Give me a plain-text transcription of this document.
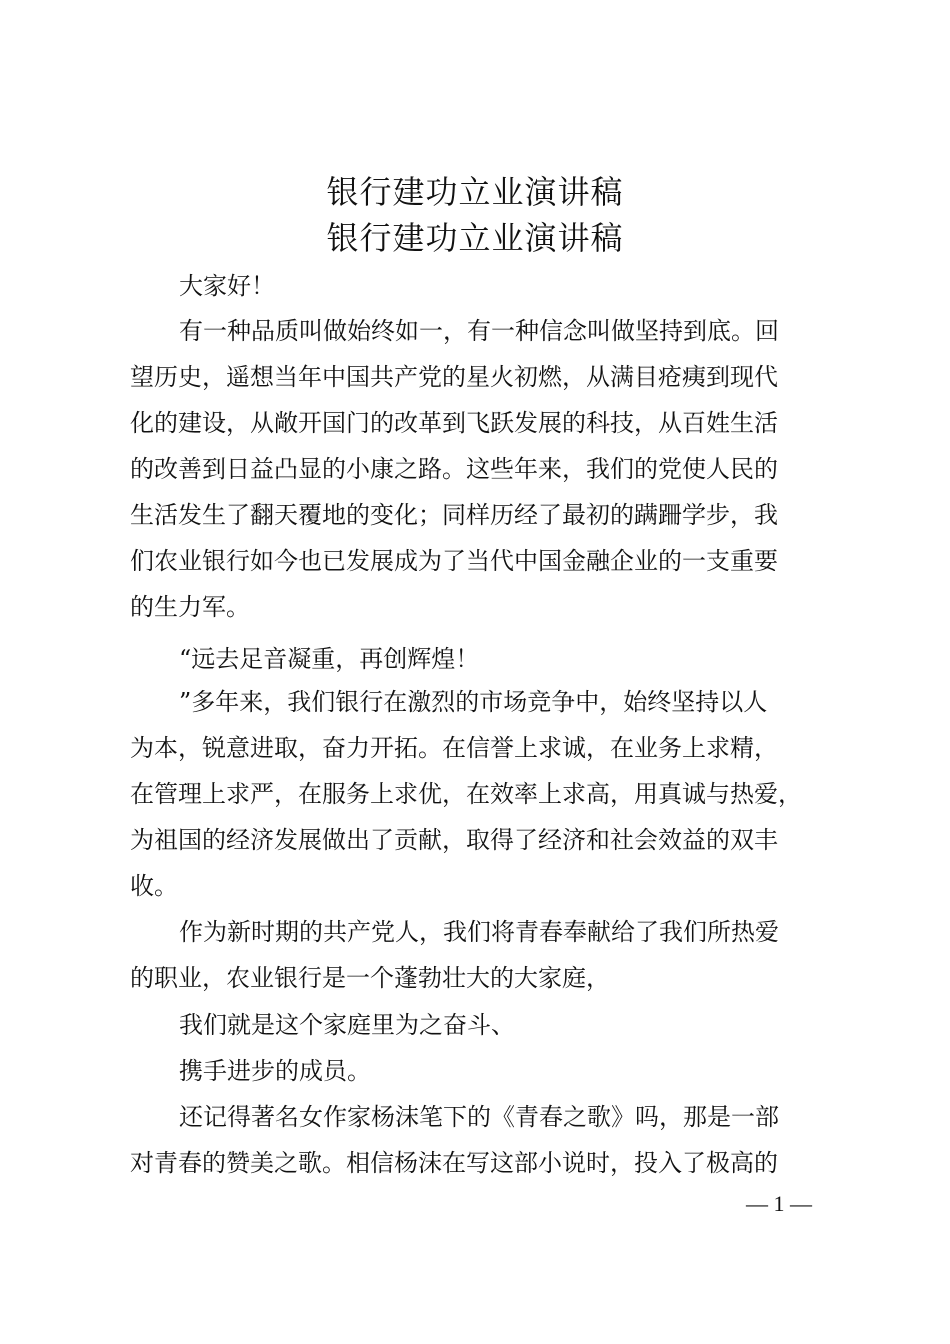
银行建功立业演讲稿
银行建功立业演讲稿
大家好！
有一种品质叫做始终如一，有一种信念叫做坚持到底。回
望历史，遥想当年中国共产党的星火初燃，从满目疮痍到现代
化的建设，从敞开国门的改革到飞跃发展的科技，从百姓生活
的改善到日益凸显的小康之路。这些年来，我们的党使人民的
生活发生了翻天覆地的变化；同样历经了最初的蹒跚学步，我
们农业银行如今也已发展成为了当代中国金融企业的一支重要
的生力军。
“远去足音凝重，再创辉煌！
”多年来，我们银行在激烈的市场竞争中，始终坚持以人
为本，锐意进取，奋力开拓。在信誉上求诚，在业务上求精，
在管理上求严，在服务上求优，在效率上求高，用真诚与热爱，
为祖国的经济发展做出了贡献，取得了经济和社会效益的双丰
收。
作为新时期的共产党人，我们将青春奉献给了我们所热爱
的职业，农业银行是一个蓬勃壮大的大家庭，
我们就是这个家庭里为之奋斗、
携手进步的成员。
还记得著名女作家杨沫笔下的《青春之歌》吗，那是一部
对青春的赞美之歌。相信杨沫在写这部小说时，投入了极高的
— 1 —
